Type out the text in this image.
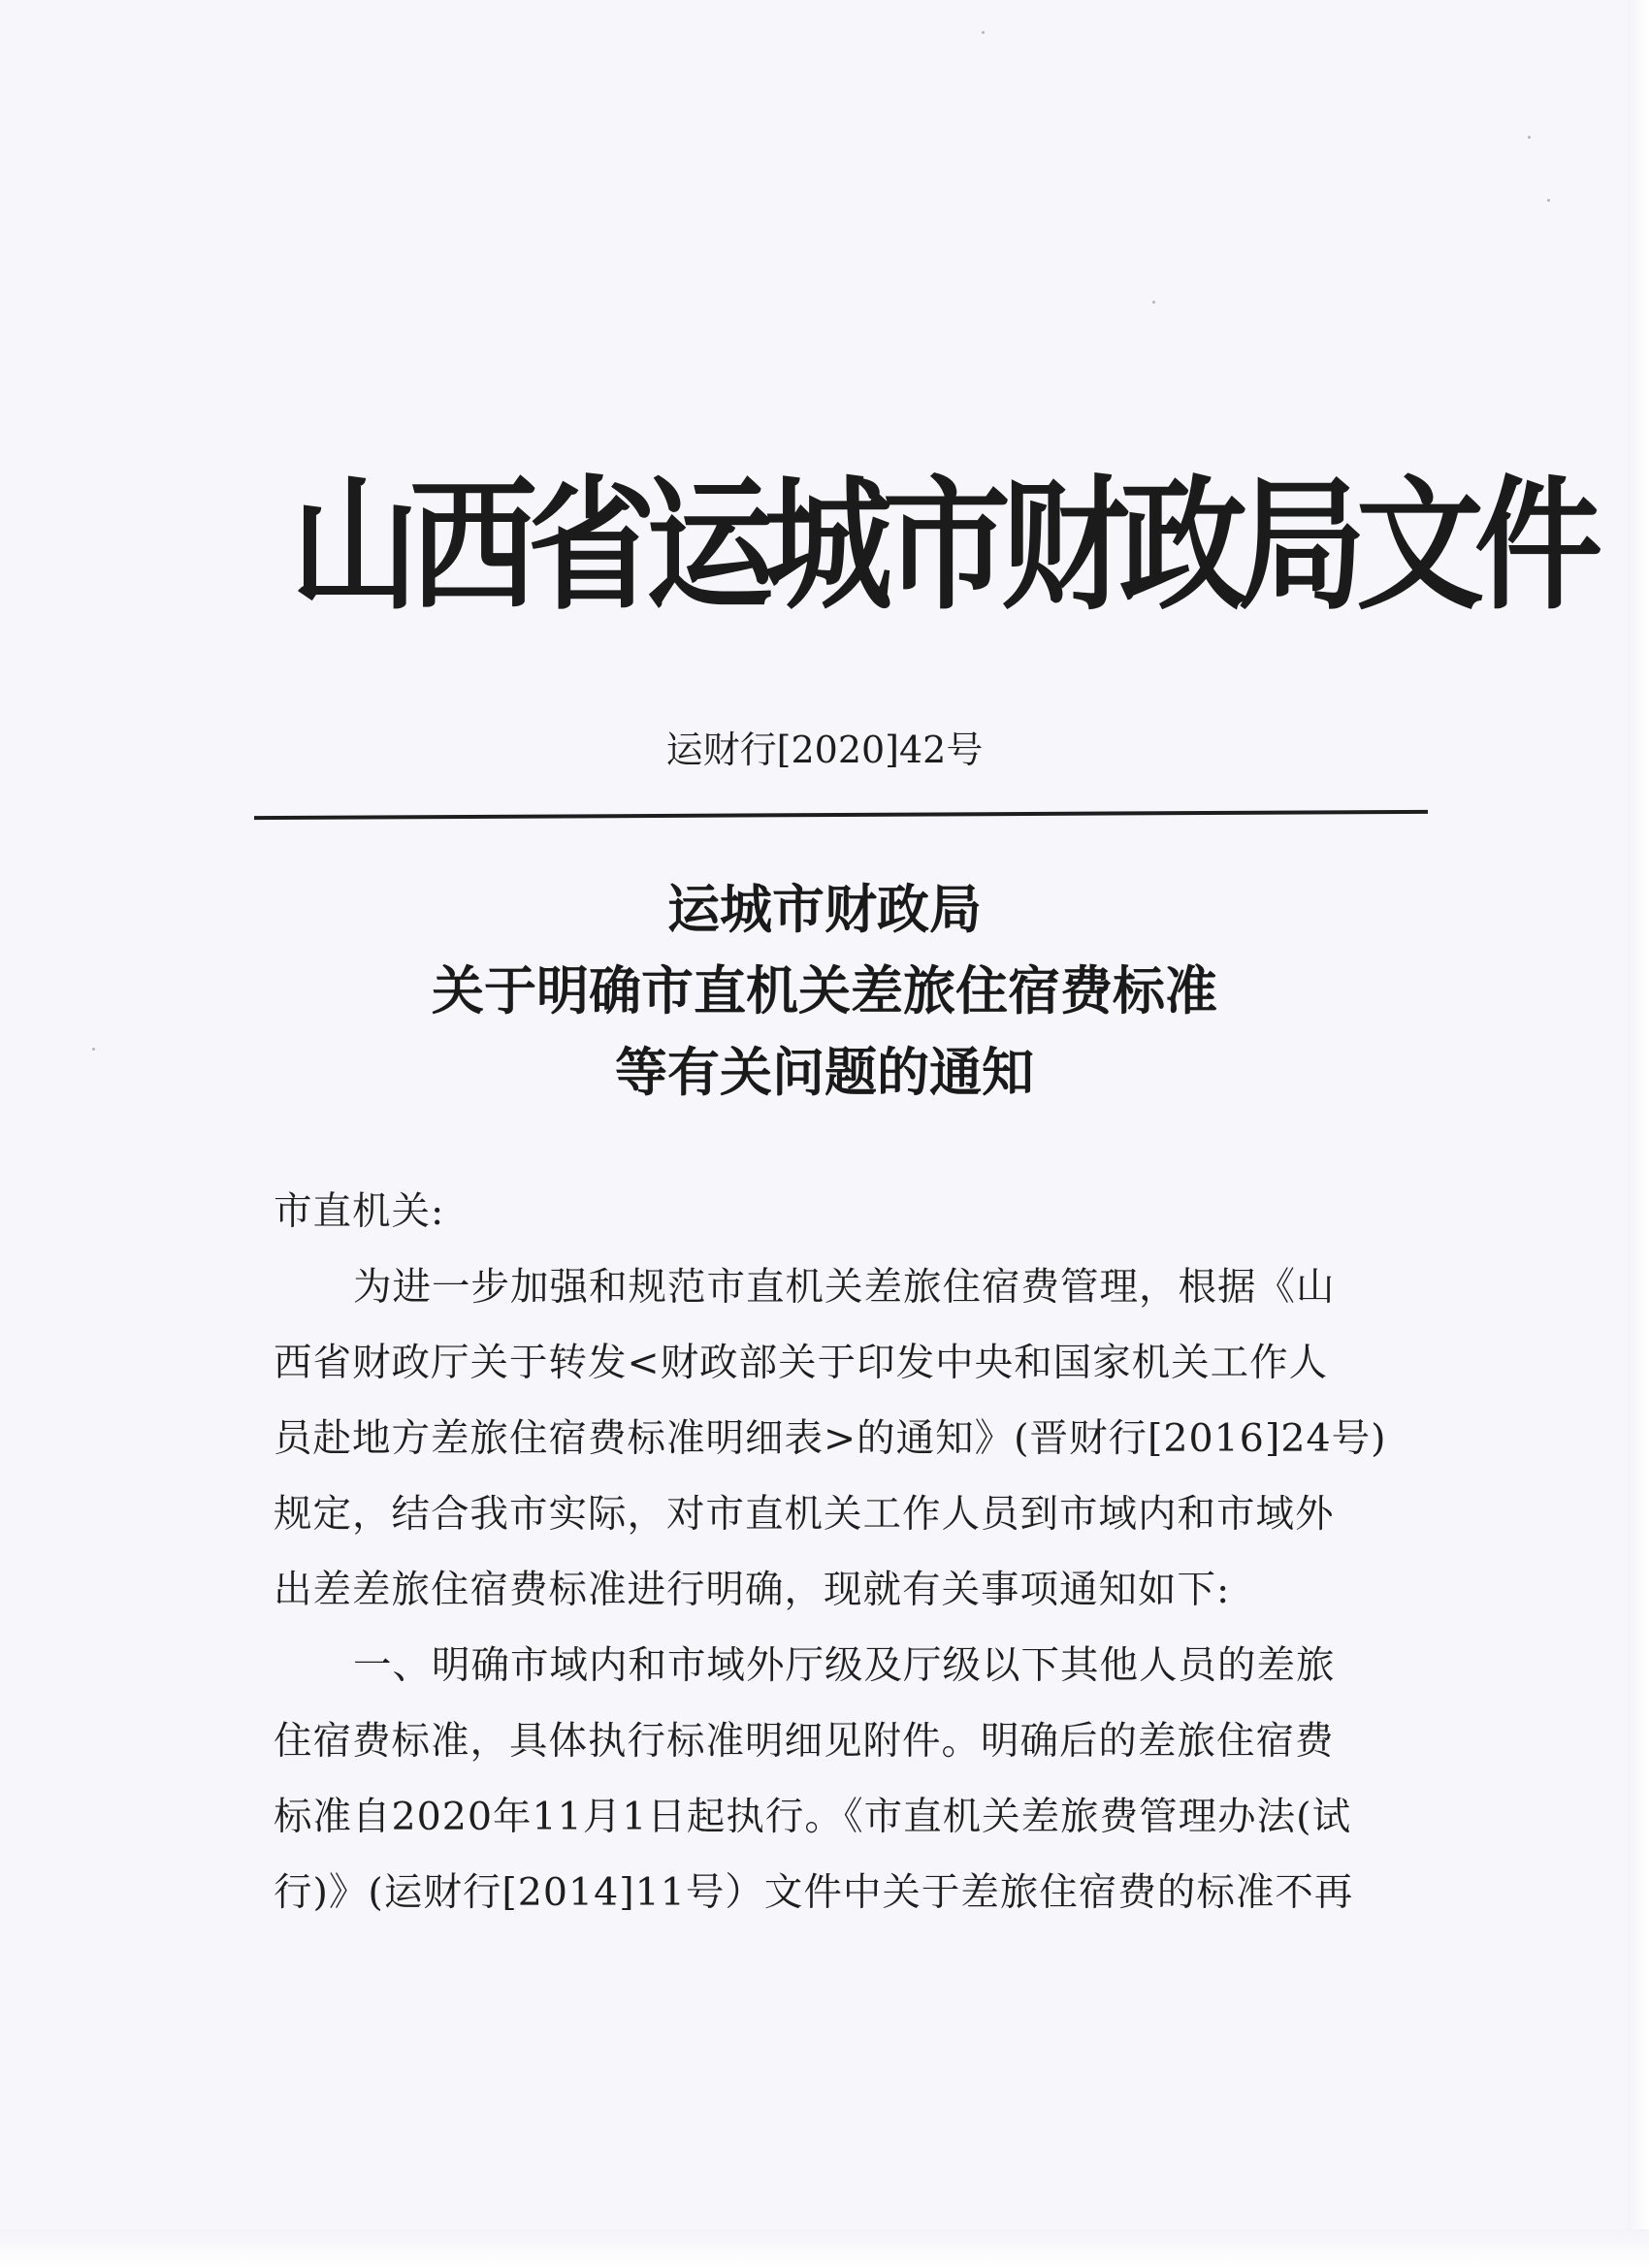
山西省运城市财政局文件
运财行[2020]42号
运城市财政局
关于明确市直机关差旅住宿费标准
等有关问题的通知
市直机关:
为进一步加强和规范市直机关差旅住宿费管理，根据《山
西省财政厅关于转发<财政部关于印发中央和国家机关工作人
员赴地方差旅住宿费标准明细表>的通知》(晋财行[2016]24号)
规定，结合我市实际，对市直机关工作人员到市域内和市域外
出差差旅住宿费标准进行明确，现就有关事项通知如下:
一、明确市域内和市域外厅级及厅级以下其他人员的差旅
住宿费标准，具体执行标准明细见附件。明确后的差旅住宿费
标准自2020年11月1日起执行。《市直机关差旅费管理办法(试
行)》(运财行[2014]11号）文件中关于差旅住宿费的标准不再
